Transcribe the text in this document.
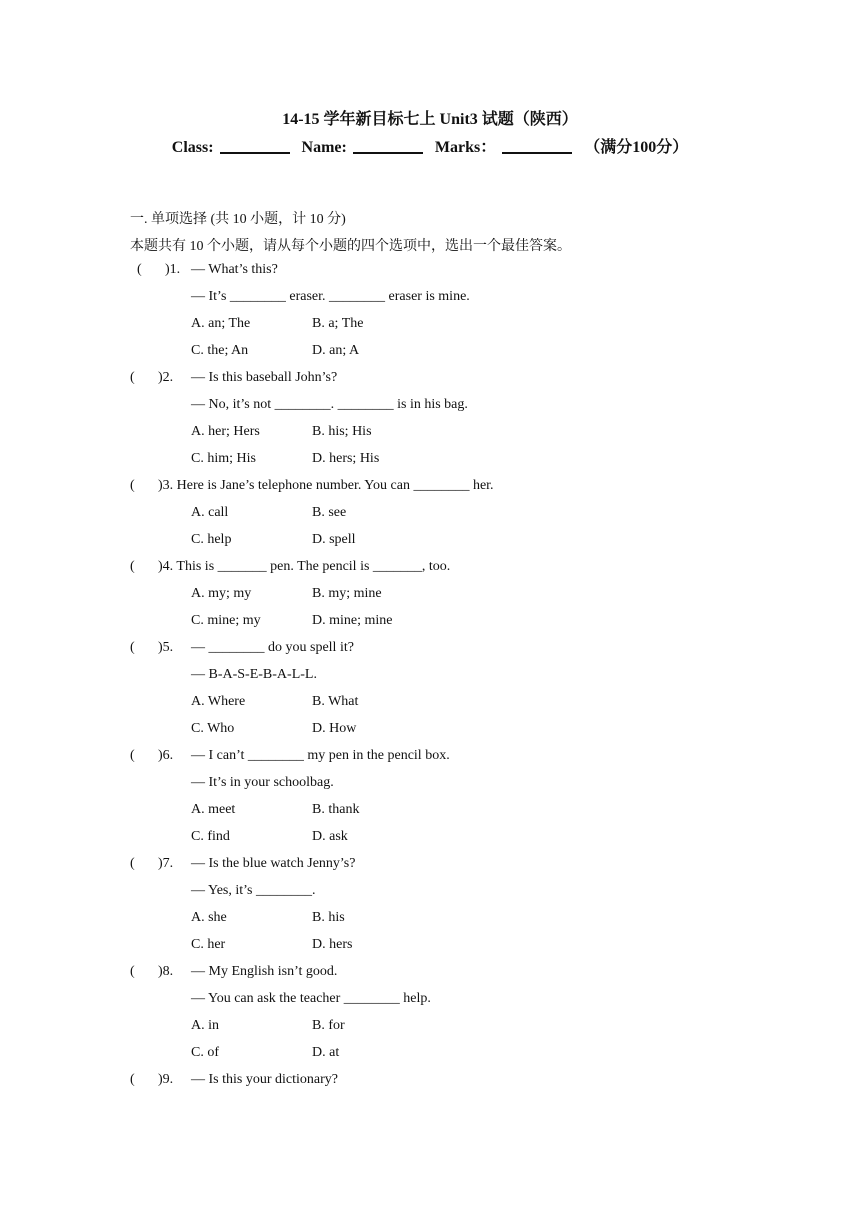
14-15 学年新目标七上 Unit3 试题（陕西）
Class:	Name:	Marks：	（满分100分）
一. 单项选择 (共 10 小题，计 10 分)
本题共有 10 个小题，请从每个小题的四个选项中，选出一个最佳答案。
( )1. — What’s this?
— It’s ________ eraser. ________ eraser is mine.
A. an; The	B. a; The
C. the; An	D. an; A
( )2. — Is this baseball John’s?
— No, it’s not ________. ________ is in his bag.
A. her; Hers	B. his; His
C. him; His	D. hers; His
( )3. Here is Jane’s telephone number. You can ________ her.
A. call	B. see
C. help	D. spell
( )4. This is _______ pen. The pencil is _______, too.
A. my; my	B. my; mine
C. mine; my	D. mine; mine
( )5. — ________ do you spell it?
— B-A-S-E-B-A-L-L.
A. Where	B. What
C. Who	D. How
( )6. — I can’t ________ my pen in the pencil box.
— It’s in your schoolbag.
A. meet	B. thank
C. find	D. ask
( )7. — Is the blue watch Jenny’s?
— Yes, it’s ________.
A. she	B. his
C. her	D. hers
( )8. — My English isn’t good.
— You can ask the teacher ________ help.
A. in	B. for
C. of	D. at
( )9. — Is this your dictionary?
